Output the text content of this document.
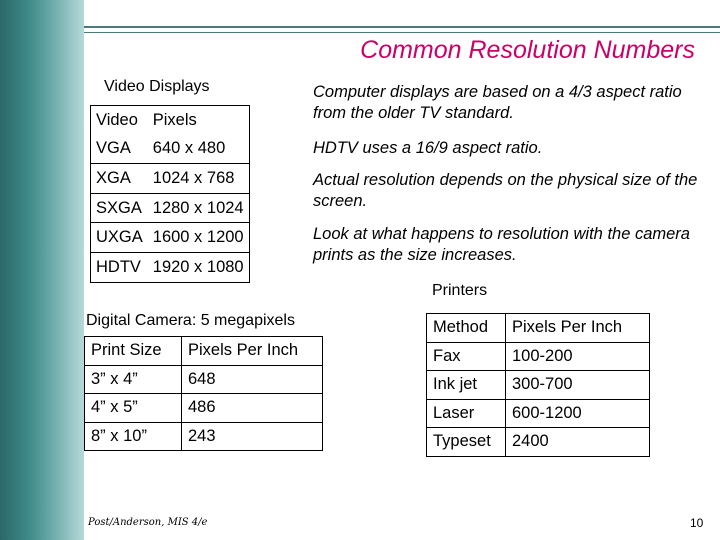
Common Resolution Numbers
Video Displays
Video	Pixels
VGA	640 x 480
XGA	1024 x 768
SXGA	1280 x 1024
UXGA	1600 x 1200
HDTV	1920 x 1080
Computer displays are based on a 4/3 aspect ratio from the older TV standard.
HDTV uses a 16/9 aspect ratio.
Actual resolution depends on the physical size of the screen.
Look at what happens to resolution with the camera prints as the size increases.
Digital Camera: 5 megapixels
Print Size	Pixels Per Inch
3” x 4”	648
4” x 5”	486
8” x 10”	243
Printers
Method	Pixels Per Inch
Fax	100-200
Ink jet	300-700
Laser	600-1200
Typeset	2400
Post/Anderson, MIS 4/e	10
